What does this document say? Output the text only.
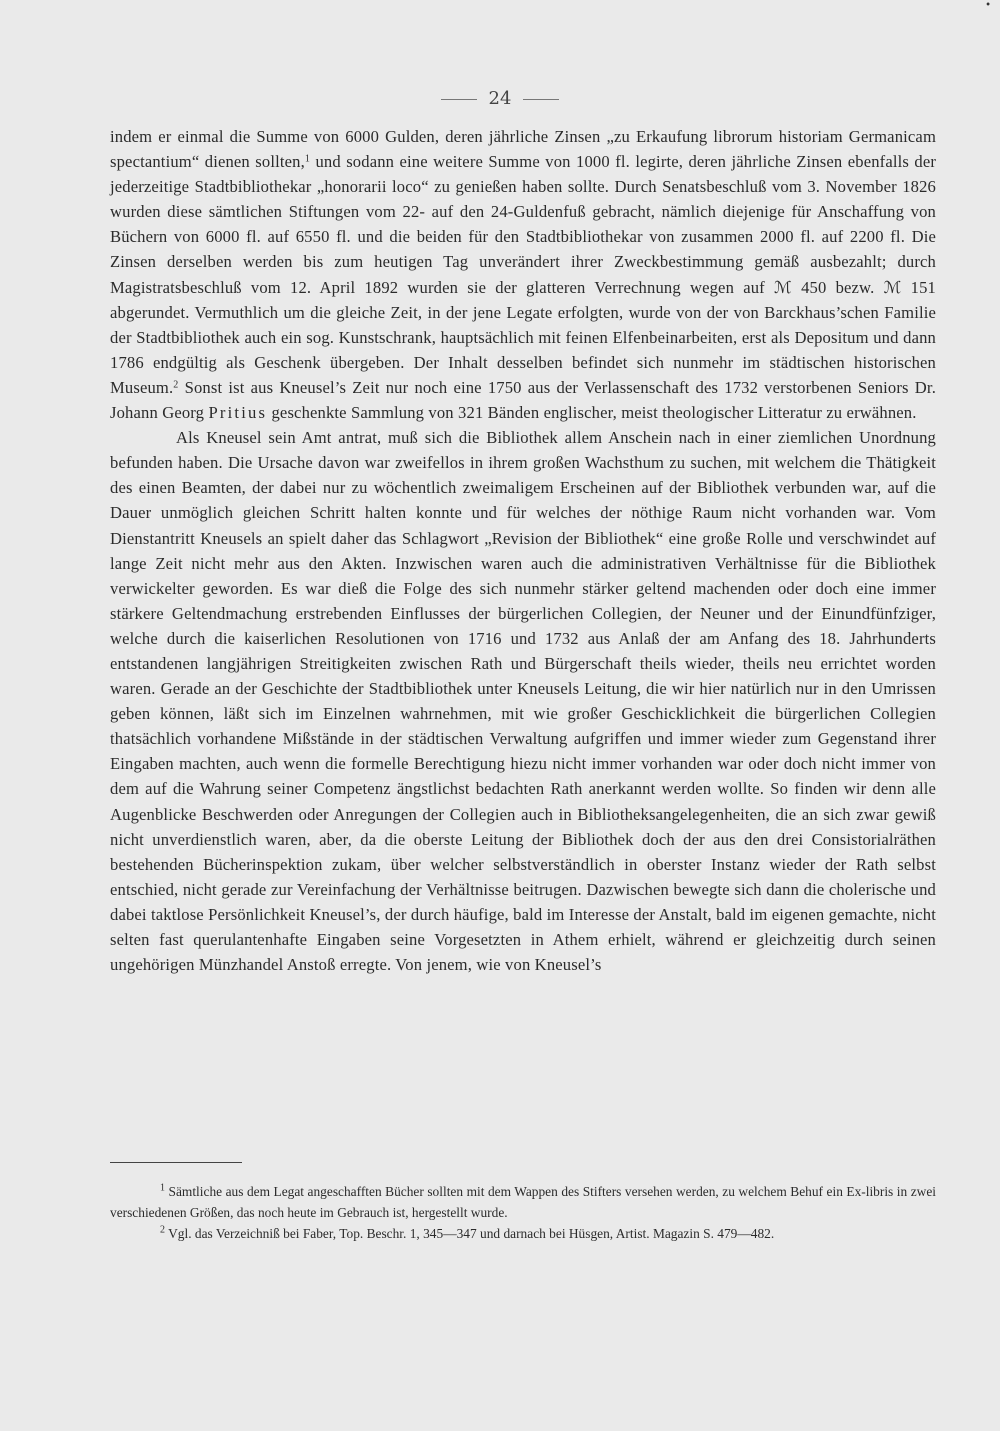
•
24

indem er einmal die Summe von 6000 Gulden, deren jährliche Zinsen „zu Erkaufung librorum historiam Germanicam spectantium“ dienen sollten,$^1$ und sodann eine weitere Summe von 1000 fl. legirte, deren jährliche Zinsen ebenfalls der jederzeitige Stadtbibliothekar „honorarii loco“ zu genießen haben sollte. Durch Senatsbeschluß vom 3. November 1826 wurden diese sämtlichen Stiftungen vom 22- auf den 24-Guldenfuß gebracht, nämlich diejenige für Anschaffung von Büchern von 6000 fl. auf 6550 fl. und die beiden für den Stadtbibliothekar von zusammen 2000 fl. auf 2200 fl. Die Zinsen derselben werden bis zum heutigen Tag unverändert ihrer Zweckbestimmung gemäß ausbezahlt; durch Magistratsbeschluß vom 12. April 1892 wurden sie der glatteren Verrechnung wegen auf ℳ 450 bezw. ℳ 151 abgerundet. Vermuthlich um die gleiche Zeit, in der jene Legate erfolgten, wurde von der von Barckhaus’schen Familie der Stadtbibliothek auch ein sog. Kunstschrank, hauptsächlich mit feinen Elfenbeinarbeiten, erst als Depositum und dann 1786 endgültig als Geschenk übergeben. Der Inhalt desselben befindet sich nunmehr im städtischen historischen Museum.$^2$ Sonst ist aus Kneusel’s Zeit nur noch eine 1750 aus der Verlassenschaft des 1732 verstorbenen Seniors Dr. Johann Georg Pritius geschenkte Sammlung von 321 Bänden englischer, meist theologischer Litteratur zu erwähnen.

Als Kneusel sein Amt antrat, muß sich die Bibliothek allem Anschein nach in einer ziemlichen Unordnung befunden haben. Die Ursache davon war zweifellos in ihrem großen Wachsthum zu suchen, mit welchem die Thätigkeit des einen Beamten, der dabei nur zu wöchentlich zweimaligem Erscheinen auf der Bibliothek verbunden war, auf die Dauer unmöglich gleichen Schritt halten konnte und für welches der nöthige Raum nicht vorhanden war. Vom Dienstantritt Kneusels an spielt daher das Schlagwort „Revision der Bibliothek“ eine große Rolle und verschwindet auf lange Zeit nicht mehr aus den Akten. Inzwischen waren auch die administrativen Verhältnisse für die Bibliothek verwickelter geworden. Es war dieß die Folge des sich nunmehr stärker geltend machenden oder doch eine immer stärkere Geltendmachung erstrebenden Einflusses der bürgerlichen Collegien, der Neuner und der Einundfünfziger, welche durch die kaiserlichen Resolutionen von 1716 und 1732 aus Anlaß der am Anfang des 18. Jahrhunderts entstandenen langjährigen Streitigkeiten zwischen Rath und Bürgerschaft theils wieder, theils neu errichtet worden waren. Gerade an der Geschichte der Stadtbibliothek unter Kneusels Leitung, die wir hier natürlich nur in den Umrissen geben können, läßt sich im Einzelnen wahrnehmen, mit wie großer Geschicklichkeit die bürgerlichen Collegien thatsächlich vorhandene Mißstände in der städtischen Verwaltung aufgriffen und immer wieder zum Gegenstand ihrer Eingaben machten, auch wenn die formelle Berechtigung hiezu nicht immer vorhanden war oder doch nicht immer von dem auf die Wahrung seiner Competenz ängstlichst bedachten Rath anerkannt werden wollte. So finden wir denn alle Augenblicke Beschwerden oder Anregungen der Collegien auch in Bibliotheksangelegenheiten, die an sich zwar gewiß nicht unverdienstlich waren, aber, da die oberste Leitung der Bibliothek doch der aus den drei Consistorialräthen bestehenden Bücherinspektion zukam, über welcher selbstverständlich in oberster Instanz wieder der Rath selbst entschied, nicht gerade zur Vereinfachung der Verhältnisse beitrugen. Dazwischen bewegte sich dann die cholerische und dabei taktlose Persönlichkeit Kneusel’s, der durch häufige, bald im Interesse der Anstalt, bald im eigenen gemachte, nicht selten fast querulantenhafte Eingaben seine Vorgesetzten in Athem erhielt, während er gleichzeitig durch seinen ungehörigen Münzhandel Anstoß erregte. Von jenem, wie von Kneusel’s

$^1$ Sämtliche aus dem Legat angeschafften Bücher sollten mit dem Wappen des Stifters versehen werden, zu welchem Behuf ein Ex-libris in zwei verschiedenen Größen, das noch heute im Gebrauch ist, hergestellt wurde.

$^2$ Vgl. das Verzeichniß bei Faber, Top. Beschr. 1, 345—347 und darnach bei Hüsgen, Artist. Magazin S. 479—482.
